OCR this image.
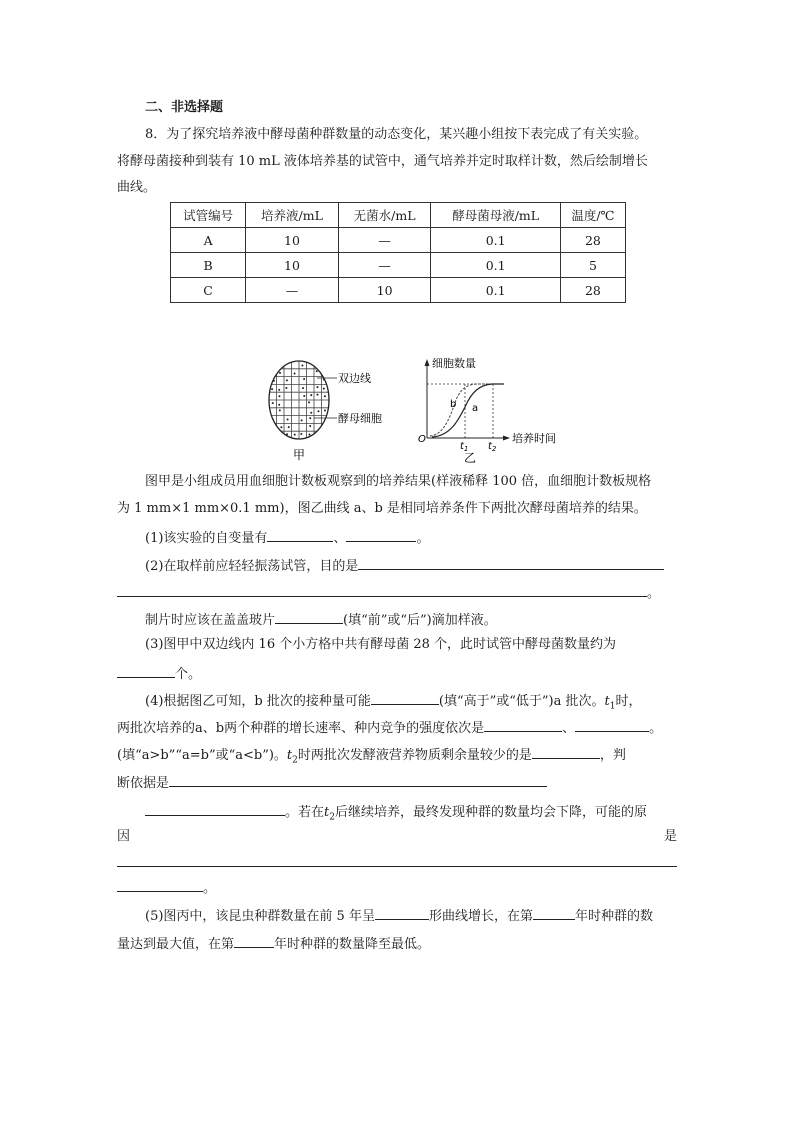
二、非选择题
8．为了探究培养液中酵母菌种群数量的动态变化，某兴趣小组按下表完成了有关实验。
将酵母菌接种到装有 10 mL 液体培养基的试管中，通气培养并定时取样计数，然后绘制增长
曲线。
试管编号	培养液/mL	无菌水/mL	酵母菌母液/mL	温度/℃
A	10	—	0.1	28
B	10	—	0.1	5
C	—	10	0.1	28
双边线
酵母细胞
甲
细胞数量
培养时间
O
b a
$t_1$ $t_2$
乙
图甲是小组成员用血细胞计数板观察到的培养结果(样液稀释 100 倍，血细胞计数板规格
为 1 mm×1 mm×0.1 mm)，图乙曲线 a、b 是相同培养条件下两批次酵母菌培养的结果。
(1)该实验的自变量有	、	。
(2)在取样前应轻轻振荡试管，目的是
。
制片时应该在盖盖玻片	(填“前”或“后”)滴加样液。
(3)图甲中双边线内 16 个小方格中共有酵母菌 28 个，此时试管中酵母菌数量约为
个。
(4)根据图乙可知，b 批次的接种量可能	(填“高于”或“低于”)a 批次。$t_1$时，
两批次培养的a、b两个种群的增长速率、种内竞争的强度依次是	、	。
(填“a>b”“a=b”或“a<b”)。$t_2$时两批次发酵液营养物质剩余量较少的是	，判
断依据是
。若在$t_2$后继续培养，最终发现种群的数量均会下降，可能的原
因	是
。
(5)图丙中，该昆虫种群数量在前 5 年呈	形曲线增长，在第	年时种群的数
量达到最大值，在第	年时种群的数量降至最低。
